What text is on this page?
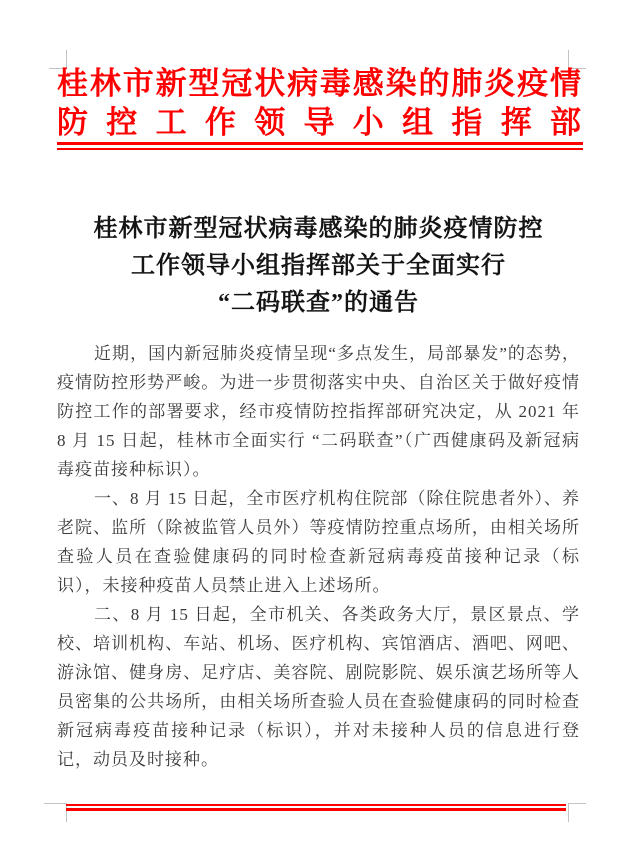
桂林市新型冠状病毒感染的肺炎疫情
防控工作领导小组指挥部
桂林市新型冠状病毒感染的肺炎疫情防控
工作领导小组指挥部关于全面实行
“二码联查”的通告

近期，国内新冠肺炎疫情呈现“多点发生，局部暴发”的态势，疫情防控形势严峻。为进一步贯彻落实中央、自治区关于做好疫情防控工作的部署要求，经市疫情防控指挥部研究决定，从 2021 年 8 月 15 日起，桂林市全面实行 “二码联查”（广西健康码及新冠病毒疫苗接种标识）。

一、8 月 15 日起，全市医疗机构住院部（除住院患者外）、养老院、监所（除被监管人员外）等疫情防控重点场所，由相关场所查验人员在查验健康码的同时检查新冠病毒疫苗接种记录（标识），未接种疫苗人员禁止进入上述场所。

二、8 月 15 日起，全市机关、各类政务大厅，景区景点、学校、培训机构、车站、机场、医疗机构、宾馆酒店、酒吧、网吧、游泳馆、健身房、足疗店、美容院、剧院影院、娱乐演艺场所等人员密集的公共场所，由相关场所查验人员在查验健康码的同时检查新冠病毒疫苗接种记录（标识），并对未接种人员的信息进行登记，动员及时接种。
